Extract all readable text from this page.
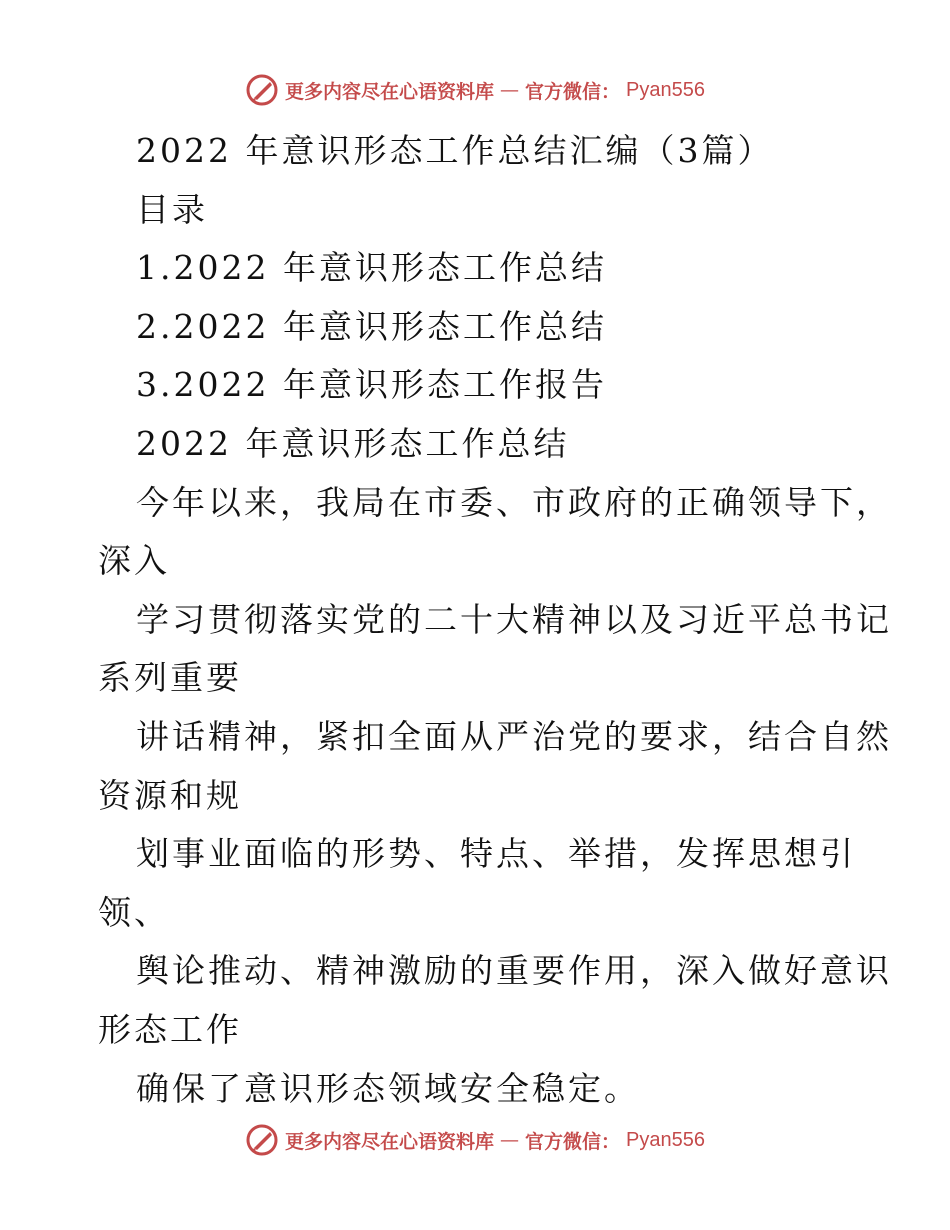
更多内容尽在心语资料库 — 官方微信： Pyan556
2022 年意识形态工作总结汇编（3篇）
目录
1.2022 年意识形态工作总结
2.2022 年意识形态工作总结
3.2022 年意识形态工作报告
2022 年意识形态工作总结
今年以来，我局在市委、市政府的正确领导下，
深入
学习贯彻落实党的二十大精神以及习近平总书记
系列重要
讲话精神，紧扣全面从严治党的要求，结合自然
资源和规
划事业面临的形势、特点、举措，发挥思想引
领、
舆论推动、精神激励的重要作用，深入做好意识
形态工作
确保了意识形态领域安全稳定。
更多内容尽在心语资料库 — 官方微信： Pyan556
